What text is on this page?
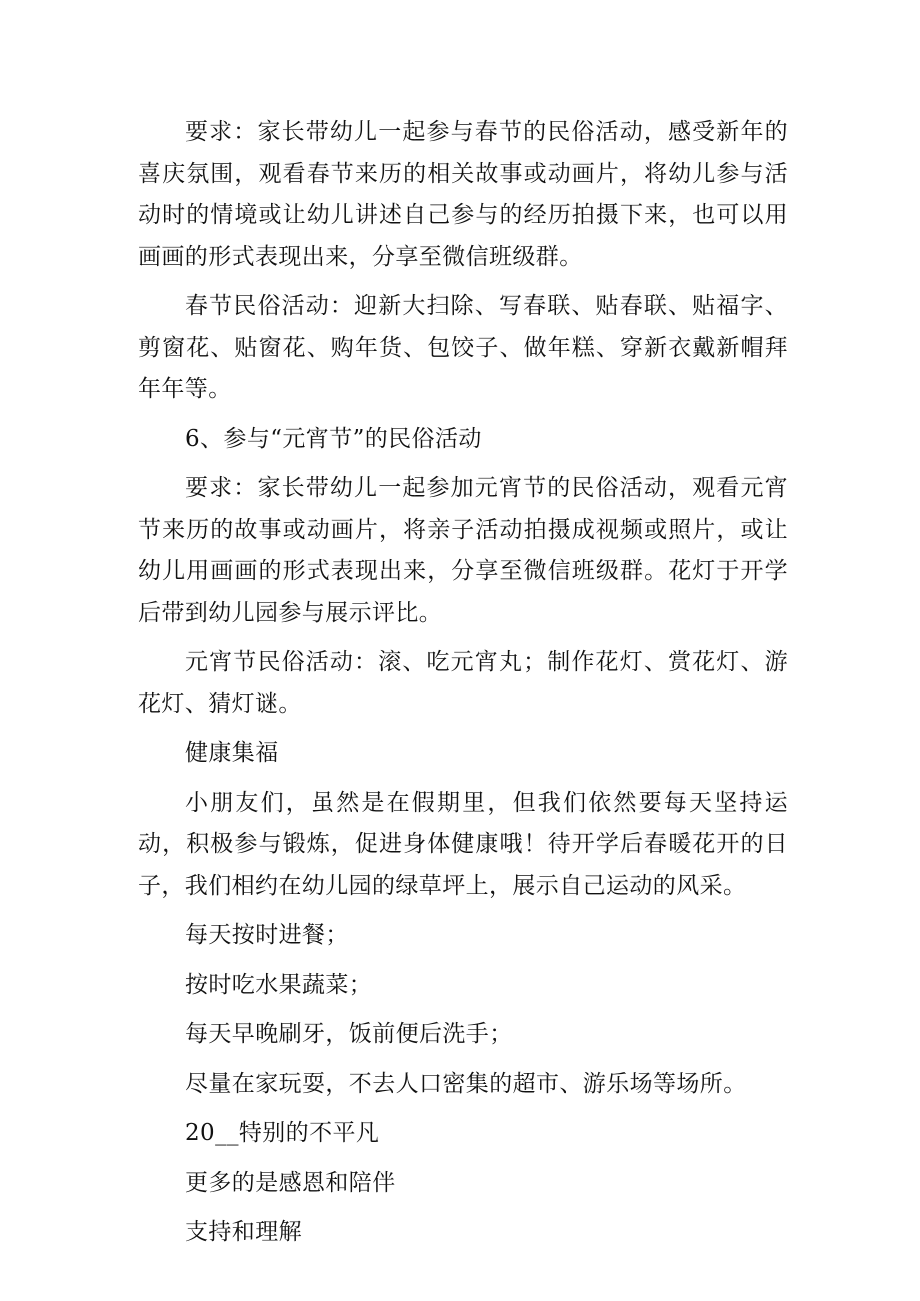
要求：家长带幼儿一起参与春节的民俗活动，感受新年的喜庆氛围，观看春节来历的相关故事或动画片，将幼儿参与活动时的情境或让幼儿讲述自己参与的经历拍摄下来，也可以用画画的形式表现出来，分享至微信班级群。

春节民俗活动：迎新大扫除、写春联、贴春联、贴福字、剪窗花、贴窗花、购年货、包饺子、做年糕、穿新衣戴新帽拜年年等。

6、参与“元宵节”的民俗活动

要求：家长带幼儿一起参加元宵节的民俗活动，观看元宵节来历的故事或动画片，将亲子活动拍摄成视频或照片，或让幼儿用画画的形式表现出来，分享至微信班级群。花灯于开学后带到幼儿园参与展示评比。

元宵节民俗活动：滚、吃元宵丸；制作花灯、赏花灯、游花灯、猜灯谜。

健康集福

小朋友们，虽然是在假期里，但我们依然要每天坚持运动，积极参与锻炼，促进身体健康哦！待开学后春暖花开的日子，我们相约在幼儿园的绿草坪上，展示自己运动的风采。

每天按时进餐；

按时吃水果蔬菜；

每天早晚刷牙，饭前便后洗手；

尽量在家玩耍，不去人口密集的超市、游乐场等场所。

20__特别的不平凡

更多的是感恩和陪伴

支持和理解
